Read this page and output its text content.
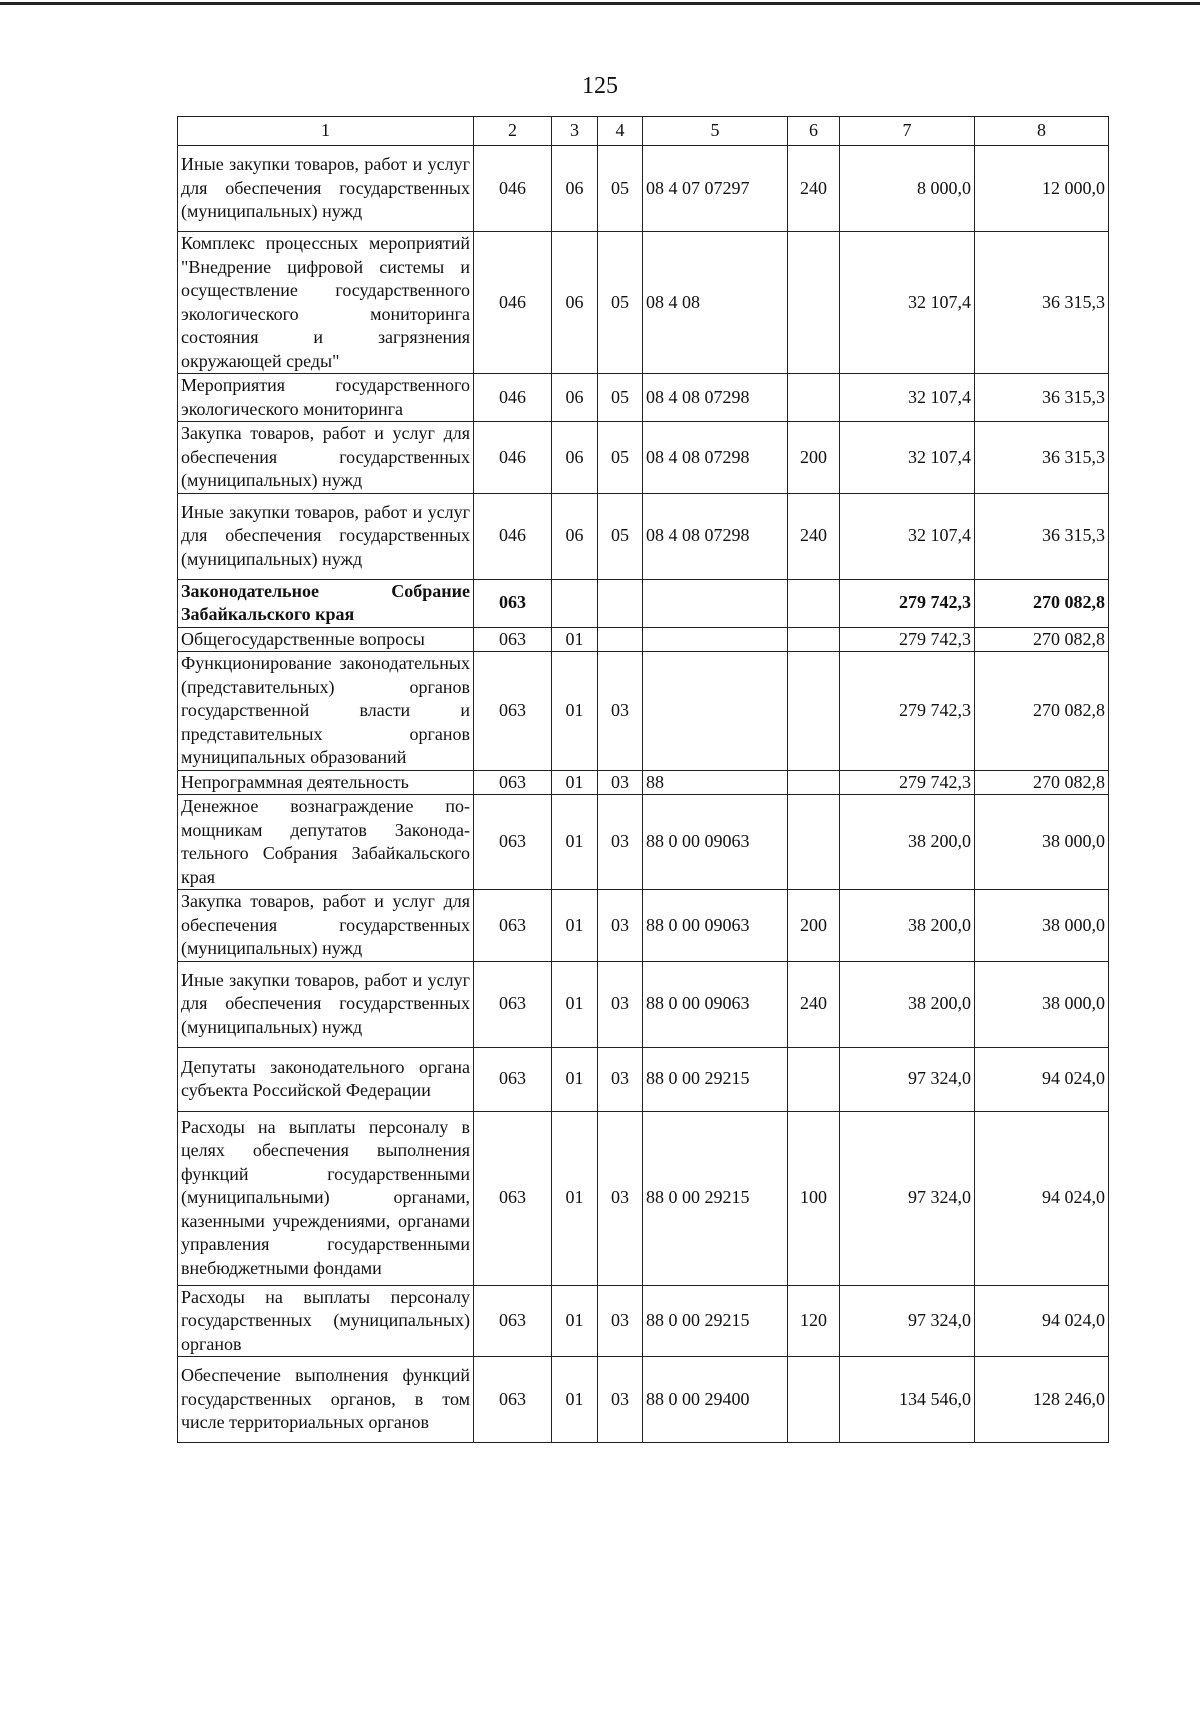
125
1	2	3	4	5	6	7	8
Иные закупки товаров, работ и услуг для обеспечения государственных (муниципальных) нужд	046	06	05	08 4 07 07297	240	8 000,0	12 000,0
Комплекс процессных мероприятий "Внедрение цифровой системы и осуществление государственного экологического мониторинга состояния и загрязнения окружающей среды"	046	06	05	08 4 08		32 107,4	36 315,3
Мероприятия государственного экологического мониторинга	046	06	05	08 4 08 07298		32 107,4	36 315,3
Закупка товаров, работ и услуг для обеспечения государственных (муниципальных) нужд	046	06	05	08 4 08 07298	200	32 107,4	36 315,3
Иные закупки товаров, работ и услуг для обеспечения государственных (муниципальных) нужд	046	06	05	08 4 08 07298	240	32 107,4	36 315,3
Законодательное Собрание Забайкальского края	063					279 742,3	270 082,8
Общегосударственные вопросы	063	01				279 742,3	270 082,8
Функционирование законодательных (представительных) органов государственной власти и представительных органов муниципальных образований	063	01	03			279 742,3	270 082,8
Непрограммная деятельность	063	01	03	88		279 742,3	270 082,8
Денежное вознаграждение помощникам депутатов Законодательного Собрания Забайкальского края	063	01	03	88 0 00 09063		38 200,0	38 000,0
Закупка товаров, работ и услуг для обеспечения государственных (муниципальных) нужд	063	01	03	88 0 00 09063	200	38 200,0	38 000,0
Иные закупки товаров, работ и услуг для обеспечения государственных (муниципальных) нужд	063	01	03	88 0 00 09063	240	38 200,0	38 000,0
Депутаты законодательного органа субъекта Российской Федерации	063	01	03	88 0 00 29215		97 324,0	94 024,0
Расходы на выплаты персоналу в целях обеспечения выполнения функций государственными (муниципальными) органами, казенными учреждениями, органами управления государственными внебюджетными фондами	063	01	03	88 0 00 29215	100	97 324,0	94 024,0
Расходы на выплаты персоналу государственных (муниципальных) органов	063	01	03	88 0 00 29215	120	97 324,0	94 024,0
Обеспечение выполнения функций государственных органов, в том числе территориальных органов	063	01	03	88 0 00 29400		134 546,0	128 246,0
